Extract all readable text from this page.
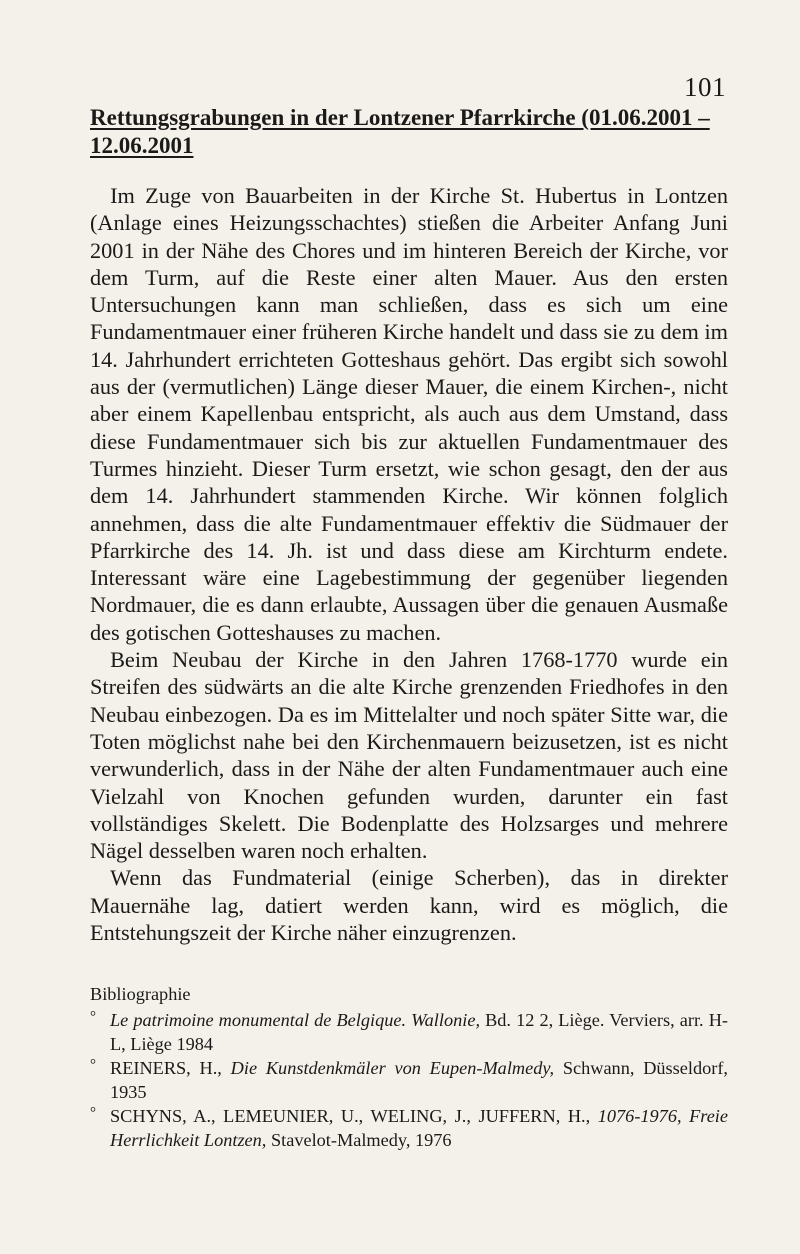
101
Rettungsgrabungen in der Lontzener Pfarrkirche (01.06.2001 – 12.06.2001

Im Zuge von Bauarbeiten in der Kirche St. Hubertus in Lontzen (Anlage eines Heizungsschachtes) stießen die Arbeiter Anfang Juni 2001 in der Nähe des Chores und im hinteren Bereich der Kirche, vor dem Turm, auf die Reste einer alten Mauer. Aus den ersten Untersuchungen kann man schließen, dass es sich um eine Fundamentmauer einer früheren Kirche handelt und dass sie zu dem im 14. Jahrhundert errichteten Gotteshaus gehört. Das ergibt sich sowohl aus der (vermutlichen) Länge dieser Mauer, die einem Kirchen-, nicht aber einem Kapellenbau entspricht, als auch aus dem Umstand, dass diese Fundamentmauer sich bis zur aktuellen Fundamentmauer des Turmes hinzieht. Dieser Turm ersetzt, wie schon gesagt, den der aus dem 14. Jahrhundert stammenden Kirche. Wir können folglich annehmen, dass die alte Fundamentmauer effektiv die Südmauer der Pfarrkirche des 14. Jh. ist und dass diese am Kirchturm endete. Interessant wäre eine Lagebestimmung der gegenüber liegenden Nordmauer, die es dann erlaubte, Aussagen über die genauen Ausmaße des gotischen Gotteshauses zu machen.

Beim Neubau der Kirche in den Jahren 1768-1770 wurde ein Streifen des südwärts an die alte Kirche grenzenden Friedhofes in den Neubau einbezogen. Da es im Mittelalter und noch später Sitte war, die Toten möglichst nahe bei den Kirchenmauern beizusetzen, ist es nicht verwunderlich, dass in der Nähe der alten Fundamentmauer auch eine Vielzahl von Knochen gefunden wurden, darunter ein fast vollständiges Skelett. Die Bodenplatte des Holzsarges und mehrere Nägel desselben waren noch erhalten.

Wenn das Fundmaterial (einige Scherben), das in direkter Mauernähe lag, datiert werden kann, wird es möglich, die Entstehungszeit der Kirche näher einzugrenzen.

Bibliographie
° Le patrimoine monumental de Belgique. Wallonie, Bd. 12 2, Liège. Verviers, arr. H-L, Liège 1984
° REINERS, H., Die Kunstdenkmäler von Eupen-Malmedy, Schwann, Düsseldorf, 1935
° SCHYNS, A., LEMEUNIER, U., WELING, J., JUFFERN, H., 1076-1976, Freie Herrlichkeit Lontzen, Stavelot-Malmedy, 1976
